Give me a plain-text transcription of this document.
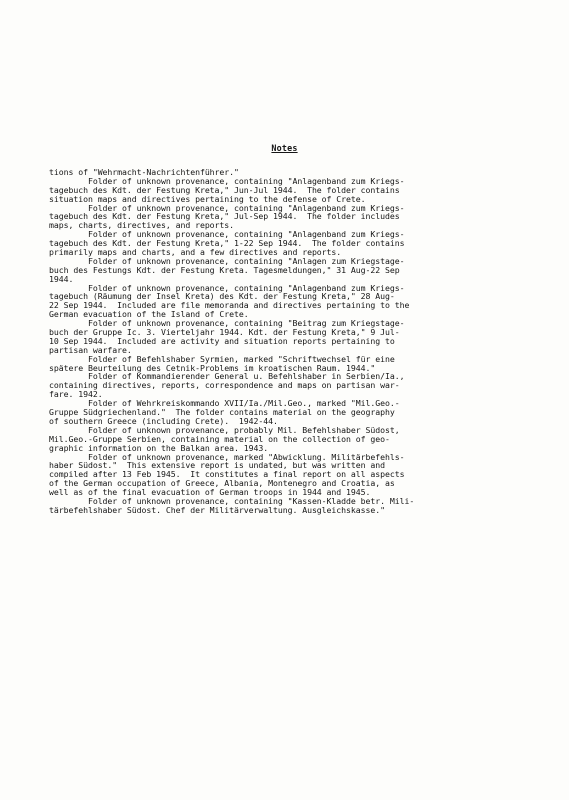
Notes
tions of "Wehrmacht-Nachrichtenführer."
Folder of unknown provenance, containing "Anlagenband zum Kriegs-
tagebuch des Kdt. der Festung Kreta," Jun-Jul 1944.  The folder contains
situation maps and directives pertaining to the defense of Crete.
Folder of unknown provenance, containing "Anlagenband zum Kriegs-
tagebuch des Kdt. der Festung Kreta," Jul-Sep 1944.  The folder includes
maps, charts, directives, and reports.
Folder of unknown provenance, containing "Anlagenband zum Kriegs-
tagebuch des Kdt. der Festung Kreta," 1-22 Sep 1944.  The folder contains
primarily maps and charts, and a few directives and reports.
Folder of unknown provenance, containing "Anlagen zum Kriegstage-
buch des Festungs Kdt. der Festung Kreta. Tagesmeldungen," 31 Aug-22 Sep
1944.
Folder of unknown provenance, containing "Anlagenband zum Kriegs-
tagebuch (Räumung der Insel Kreta) des Kdt. der Festung Kreta," 28 Aug-
22 Sep 1944.  Included are file memoranda and directives pertaining to the
German evacuation of the Island of Crete.
Folder of unknown provenance, containing "Beitrag zum Kriegstage-
buch der Gruppe Ic. 3. Vierteljahr 1944. Kdt. der Festung Kreta," 9 Jul-
10 Sep 1944.  Included are activity and situation reports pertaining to
partisan warfare.
Folder of Befehlshaber Syrmien, marked "Schriftwechsel für eine
spätere Beurteilung des Cetnik-Problems im kroatischen Raum. 1944."
Folder of Kommandierender General u. Befehlshaber in Serbien/Ia.,
containing directives, reports, correspondence and maps on partisan war-
fare. 1942.
Folder of Wehrkreiskommando XVII/Ia./Mil.Geo., marked "Mil.Geo.-
Gruppe Südgriechenland."  The folder contains material on the geography
of southern Greece (including Crete).  1942-44.
Folder of unknown provenance, probably Mil. Befehlshaber Südost,
Mil.Geo.-Gruppe Serbien, containing material on the collection of geo-
graphic information on the Balkan area. 1943.
Folder of unknown provenance, marked "Abwicklung. Militärbefehls-
haber Südost."  This extensive report is undated, but was written and
compiled after 13 Feb 1945.  It constitutes a final report on all aspects
of the German occupation of Greece, Albania, Montenegro and Croatia, as
well as of the final evacuation of German troops in 1944 and 1945.
Folder of unknown provenance, containing "Kassen-Kladde betr. Mili-
tärbefehlshaber Südost. Chef der Militärverwaltung. Ausgleichskasse."
